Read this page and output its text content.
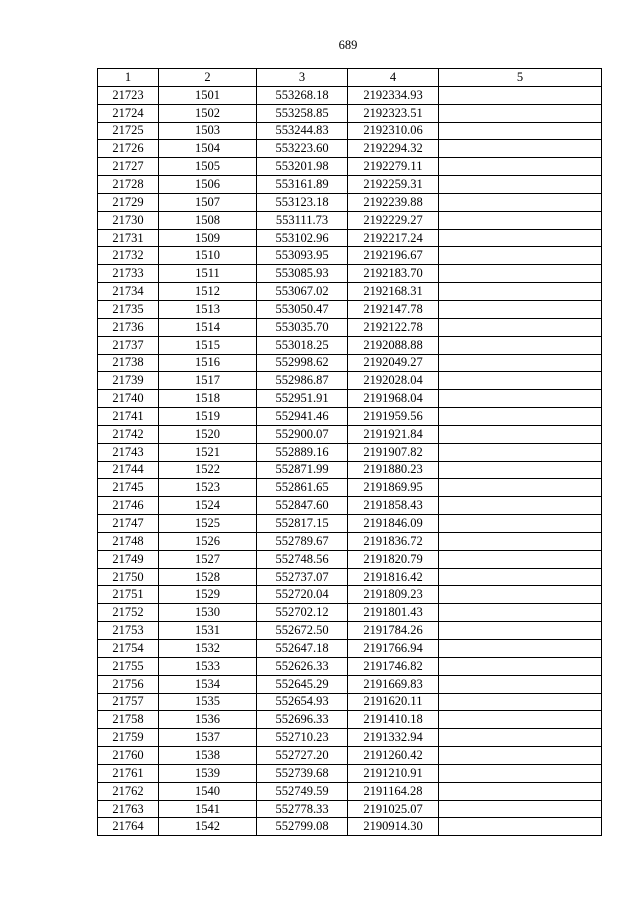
689
1	2	3	4	5
21723	1501	553268.18	2192334.93	
21724	1502	553258.85	2192323.51	
21725	1503	553244.83	2192310.06	
21726	1504	553223.60	2192294.32	
21727	1505	553201.98	2192279.11	
21728	1506	553161.89	2192259.31	
21729	1507	553123.18	2192239.88	
21730	1508	553111.73	2192229.27	
21731	1509	553102.96	2192217.24	
21732	1510	553093.95	2192196.67	
21733	1511	553085.93	2192183.70	
21734	1512	553067.02	2192168.31	
21735	1513	553050.47	2192147.78	
21736	1514	553035.70	2192122.78	
21737	1515	553018.25	2192088.88	
21738	1516	552998.62	2192049.27	
21739	1517	552986.87	2192028.04	
21740	1518	552951.91	2191968.04	
21741	1519	552941.46	2191959.56	
21742	1520	552900.07	2191921.84	
21743	1521	552889.16	2191907.82	
21744	1522	552871.99	2191880.23	
21745	1523	552861.65	2191869.95	
21746	1524	552847.60	2191858.43	
21747	1525	552817.15	2191846.09	
21748	1526	552789.67	2191836.72	
21749	1527	552748.56	2191820.79	
21750	1528	552737.07	2191816.42	
21751	1529	552720.04	2191809.23	
21752	1530	552702.12	2191801.43	
21753	1531	552672.50	2191784.26	
21754	1532	552647.18	2191766.94	
21755	1533	552626.33	2191746.82	
21756	1534	552645.29	2191669.83	
21757	1535	552654.93	2191620.11	
21758	1536	552696.33	2191410.18	
21759	1537	552710.23	2191332.94	
21760	1538	552727.20	2191260.42	
21761	1539	552739.68	2191210.91	
21762	1540	552749.59	2191164.28	
21763	1541	552778.33	2191025.07	
21764	1542	552799.08	2190914.30	
